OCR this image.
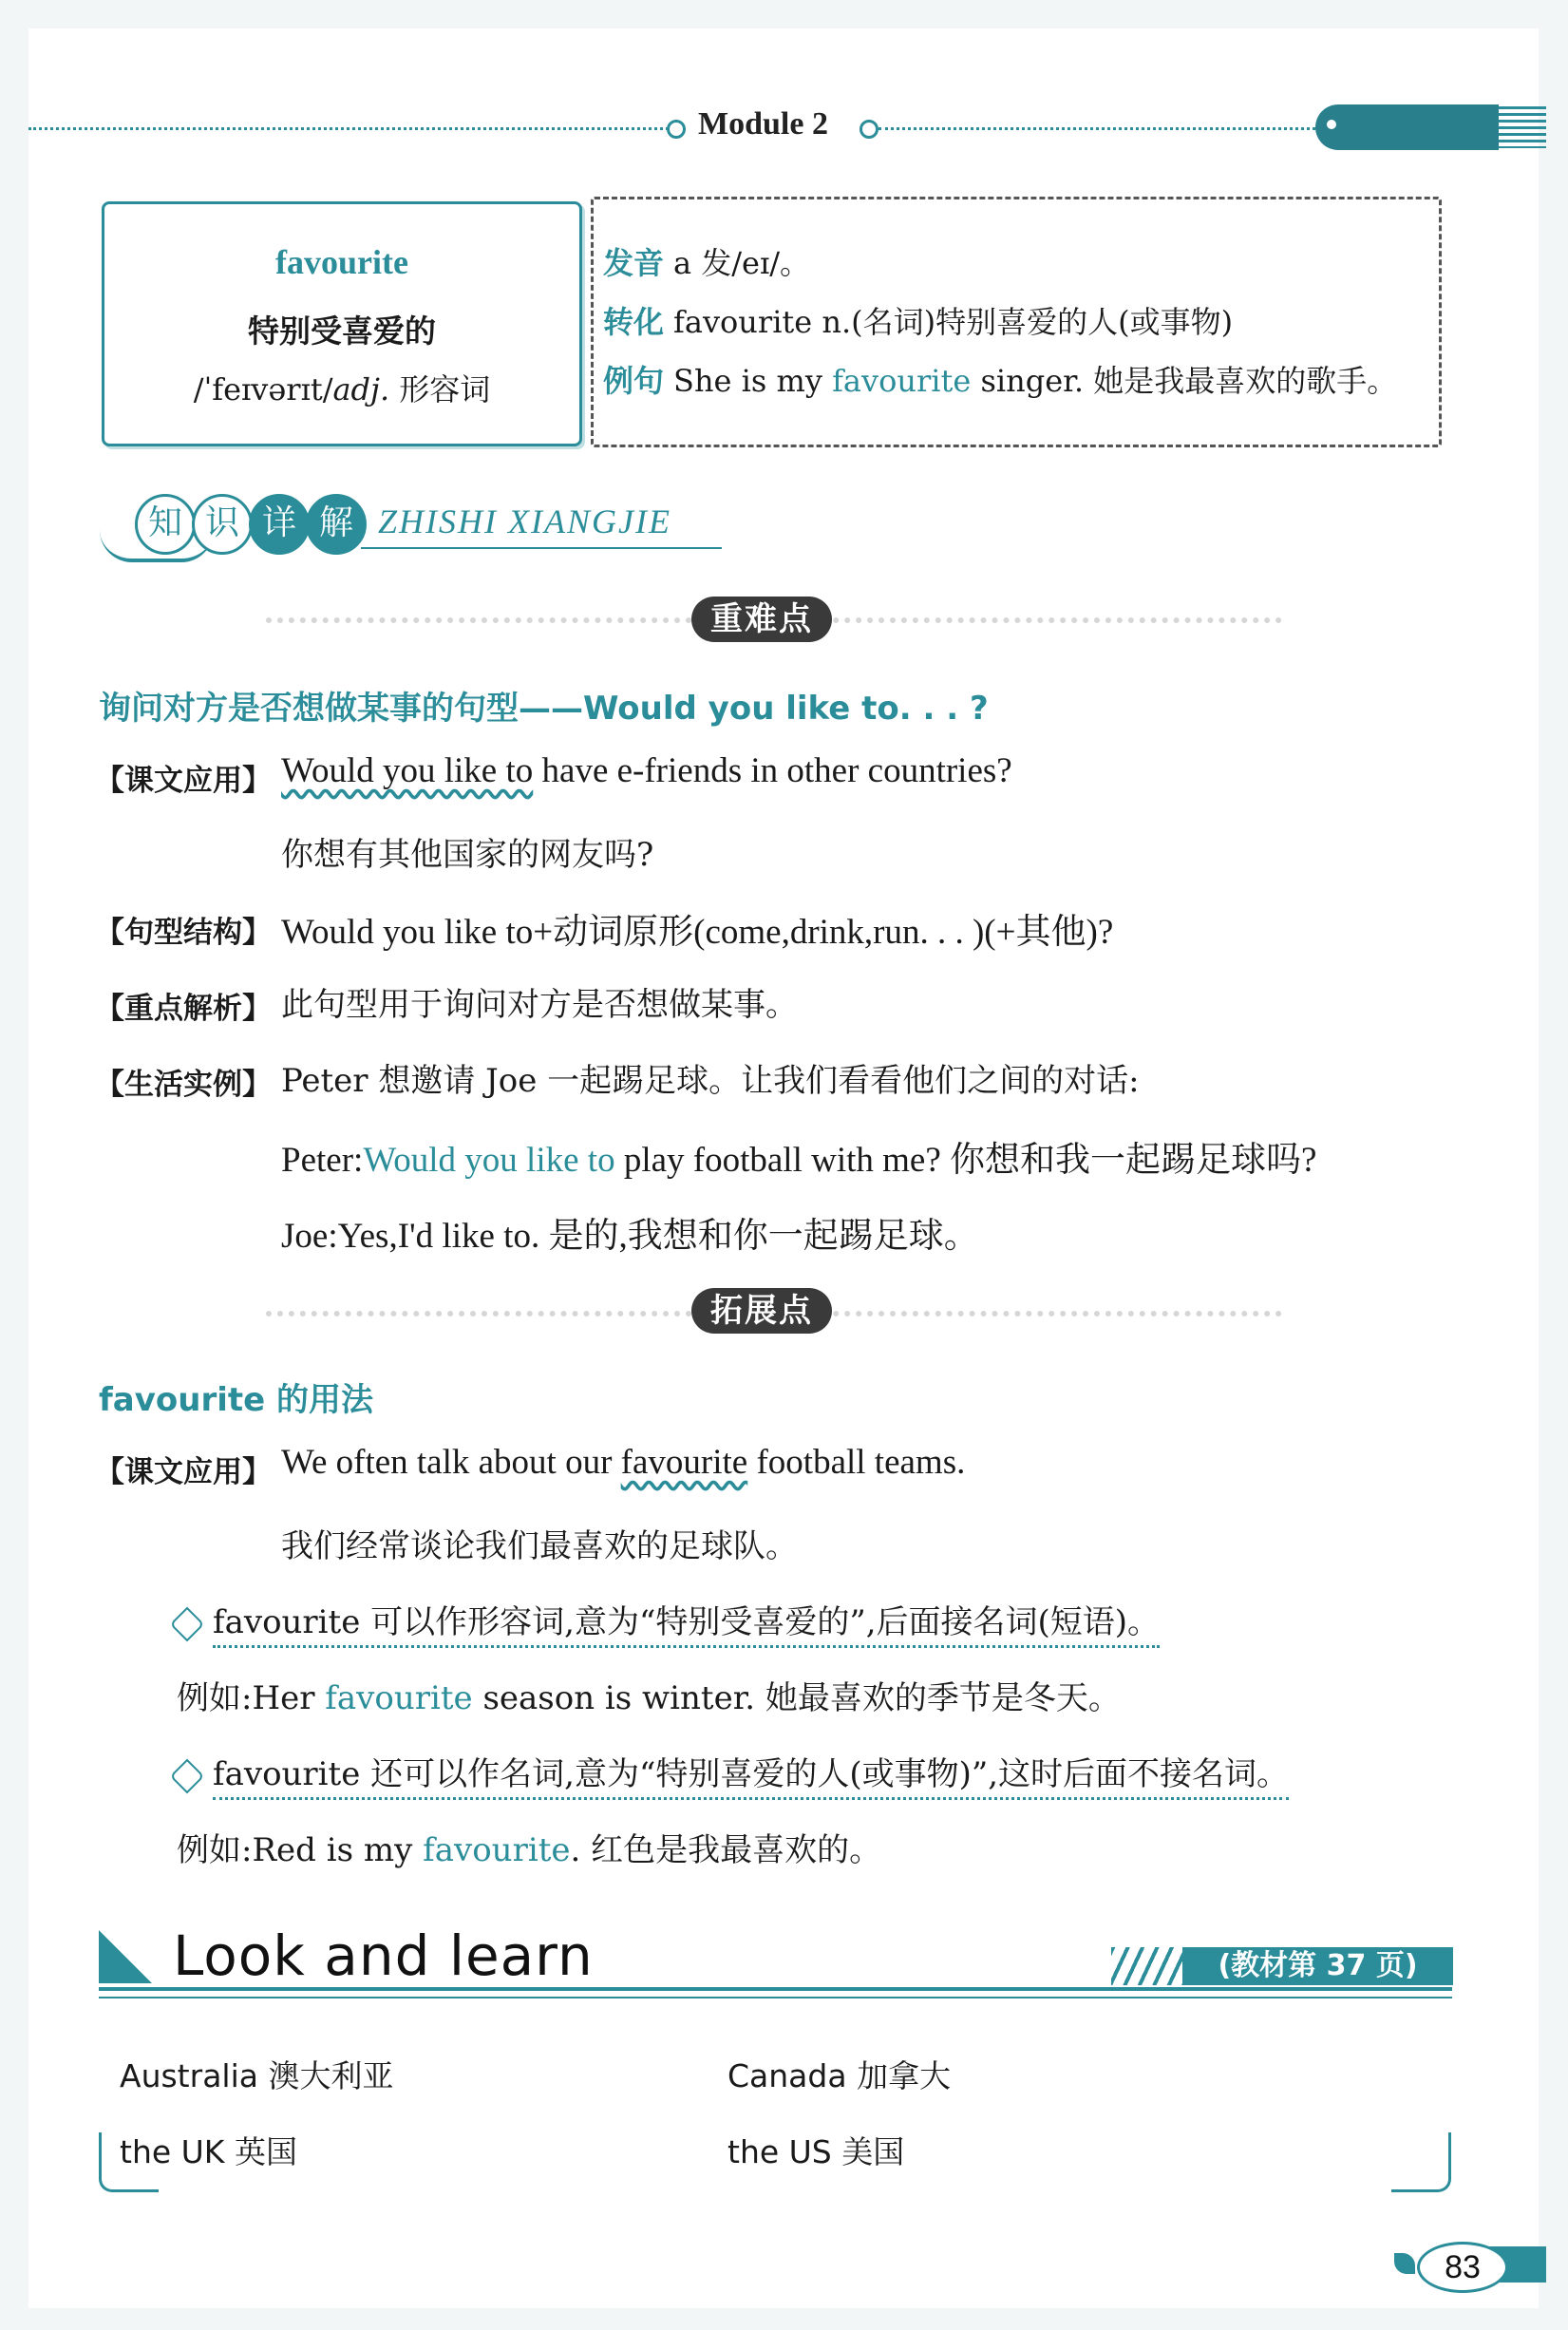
Module 2
favourite
特别受喜爱的
/ˈfeɪvərɪt/adj. 形容词
发音 a 发/eɪ/。
转化 favourite n.(名词)特别喜爱的人(或事物)
例句 She is my favourite singer. 她是我最喜欢的歌手。
知 识 详 解 ZHISHI XIANGJIE
重难点
询问对方是否想做某事的句型——Would you like to. . . ?
【课文应用】 Would you like to have e-friends in other countries?
你想有其他国家的网友吗?
【句型结构】 Would you like to+动词原形(come,drink,run. . . )(+其他)?
【重点解析】 此句型用于询问对方是否想做某事。
【生活实例】 Peter 想邀请 Joe 一起踢足球。让我们看看他们之间的对话:
Peter:Would you like to play football with me? 你想和我一起踢足球吗?
Joe:Yes,I'd like to. 是的,我想和你一起踢足球。
拓展点
favourite 的用法
【课文应用】 We often talk about our favourite football teams.
我们经常谈论我们最喜欢的足球队。
favourite 可以作形容词,意为“特别受喜爱的”,后面接名词(短语)。
例如:Her favourite season is winter. 她最喜欢的季节是冬天。
favourite 还可以作名词,意为“特别喜爱的人(或事物)”,这时后面不接名词。
例如:Red is my favourite. 红色是我最喜欢的。
Look and learn	(教材第 37 页)
Australia 澳大利亚	Canada 加拿大
the UK 英国	the US 美国
83
